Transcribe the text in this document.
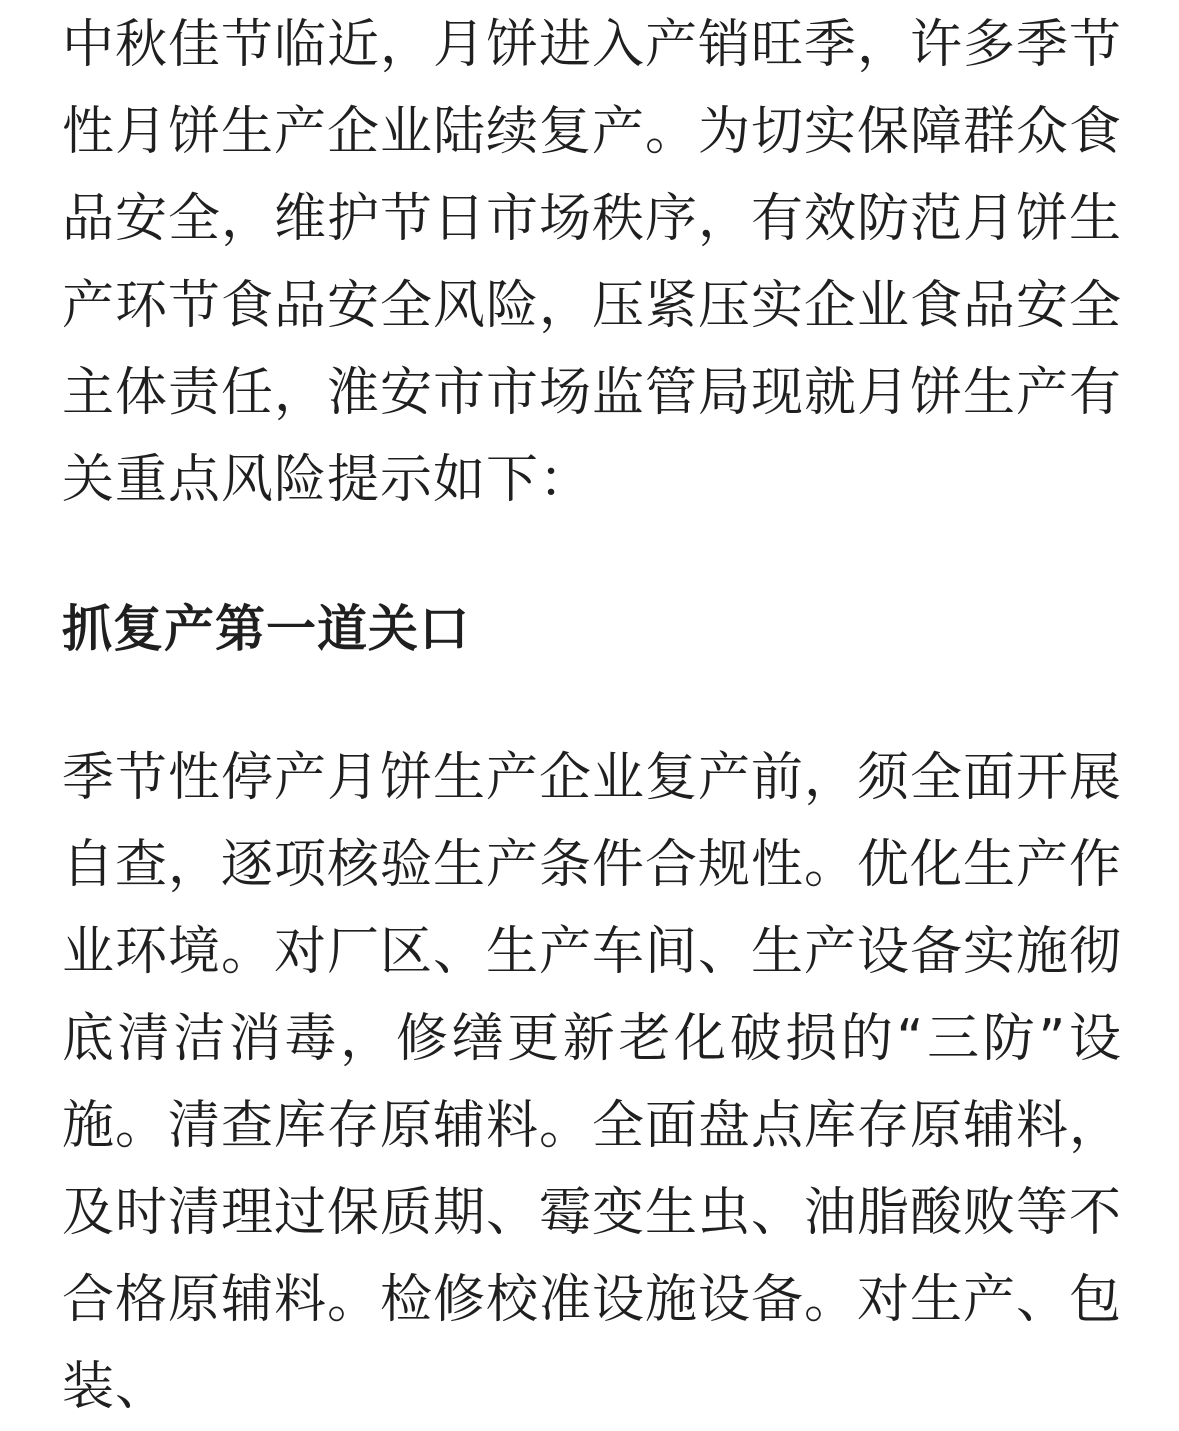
中秋佳节临近，月饼进入产销旺季，许多季节性月饼生产企业陆续复产。为切实保障群众食品安全，维护节日市场秩序，有效防范月饼生产环节食品安全风险，压紧压实企业食品安全主体责任，淮安市市场监管局现就月饼生产有关重点风险提示如下：

抓复产第一道关口

季节性停产月饼生产企业复产前，须全面开展自查，逐项核验生产条件合规性。优化生产作业环境。对厂区、生产车间、生产设备实施彻底清洁消毒，修缮更新老化破损的“三防”设施。清查库存原辅料。全面盘点库存原辅料，及时清理过保质期、霉变生虫、油脂酸败等不合格原辅料。检修校准设施设备。对生产、包装、
